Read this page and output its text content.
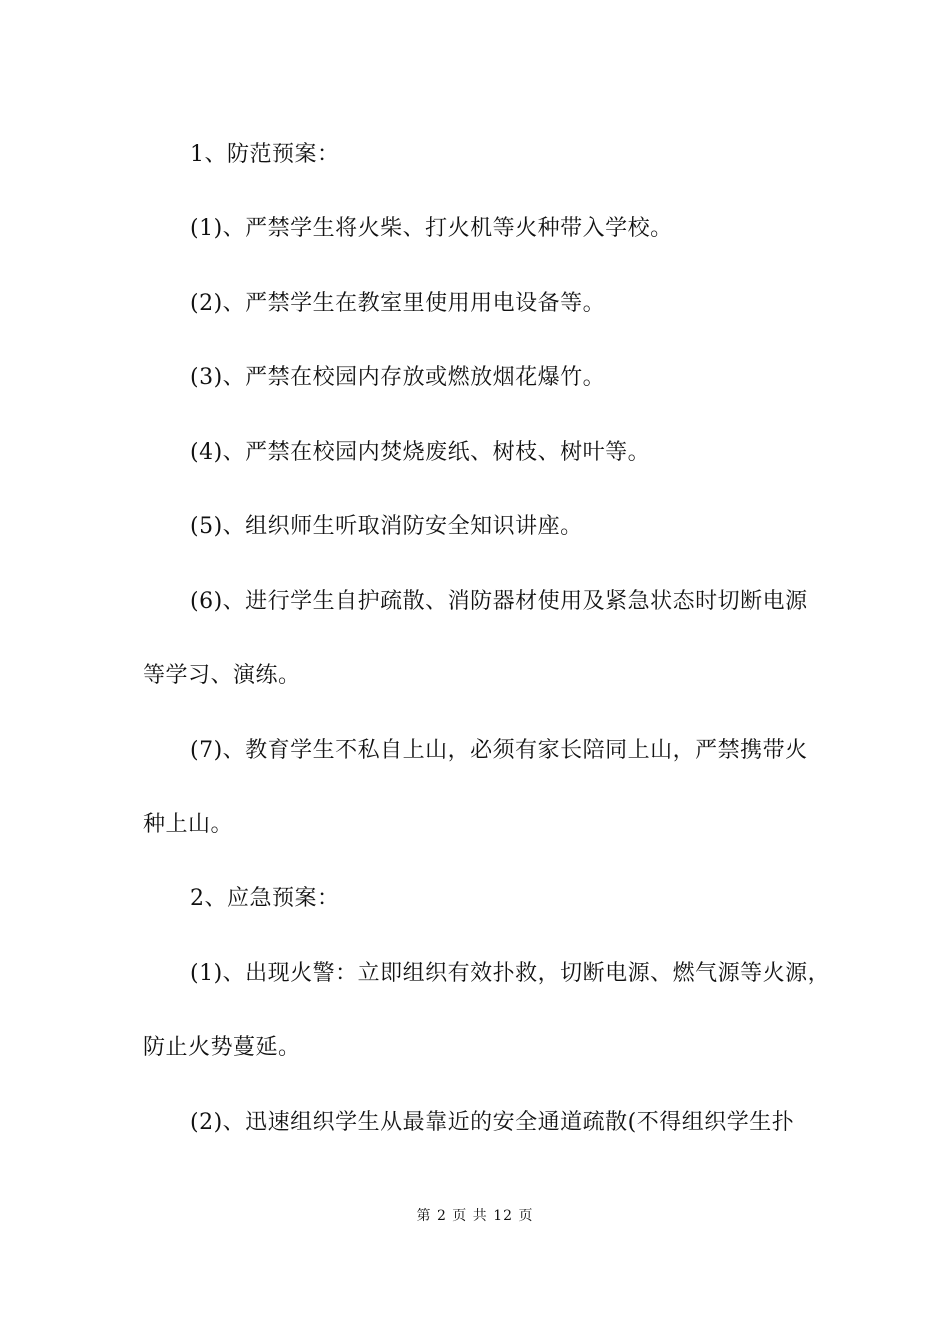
1、防范预案：
(1)、严禁学生将火柴、打火机等火种带入学校。
(2)、严禁学生在教室里使用用电设备等。
(3)、严禁在校园内存放或燃放烟花爆竹。
(4)、严禁在校园内焚烧废纸、树枝、树叶等。
(5)、组织师生听取消防安全知识讲座。
(6)、进行学生自护疏散、消防器材使用及紧急状态时切断电源
等学习、演练。
(7)、教育学生不私自上山，必须有家长陪同上山，严禁携带火
种上山。
2、应急预案：
(1)、出现火警：立即组织有效扑救，切断电源、燃气源等火源，
防止火势蔓延。
(2)、迅速组织学生从最靠近的安全通道疏散(不得组织学生扑
第 2 页 共 12 页
